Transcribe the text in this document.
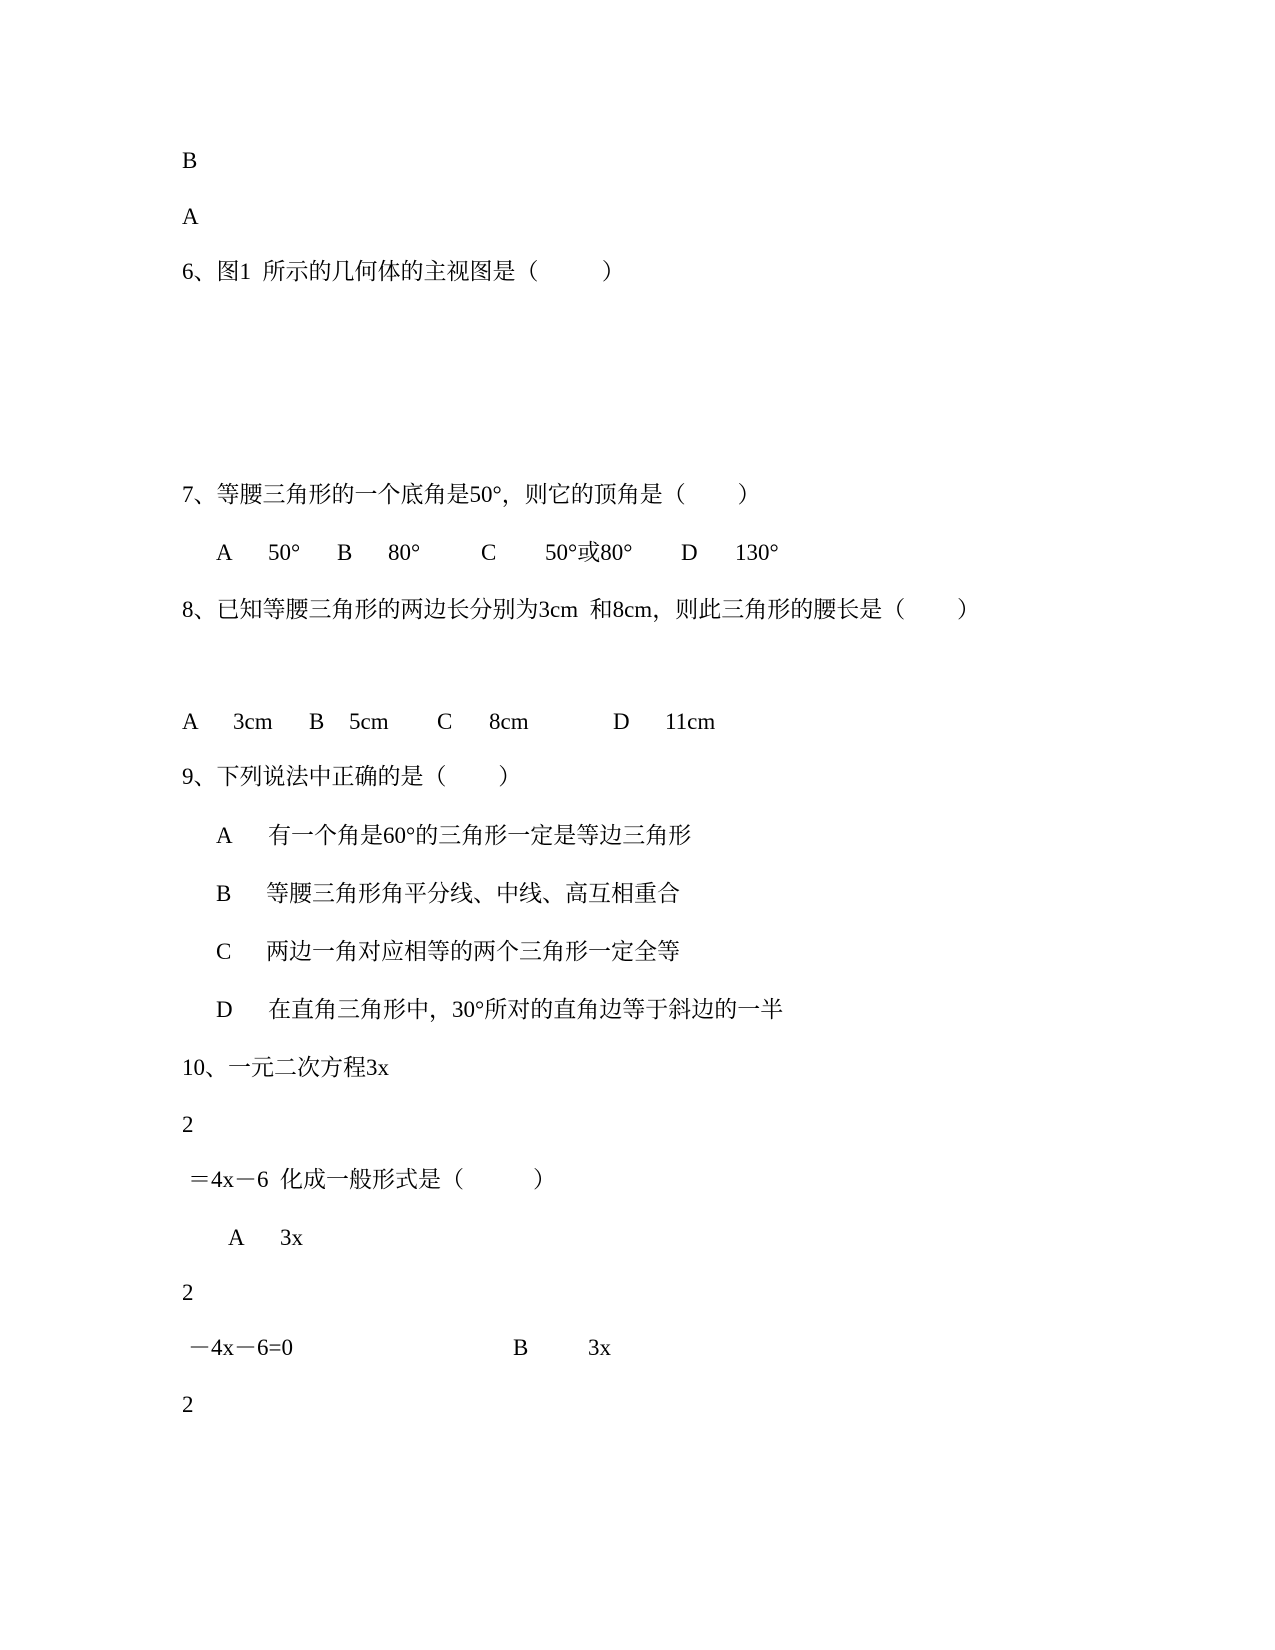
B
A
6、图1  所示的几何体的主视图是（           ）
7、等腰三角形的一个底角是50°，则它的顶角是（         ）

A

50°

B

80°

	C

50°或80°

D

130°

8、已知等腰三角形的两边长分别为3cm  和8cm，则此三角形的腰长是（         ）

A

3cm

B

5cm

C

8cm

	D

11cm

9、下列说法中正确的是（         ）

A

有一个角是60°的三角形一定是等边三角形

B

等腰三角形角平分线、中线、高互相重合

C

两边一角对应相等的两个三角形一定全等

D

在直角三角形中，30°所对的直角边等于斜边的一半

10、一元二次方程3x
2
＝4x－6  化成一般形式是（            ）

A

3x

2

－4x－6=0

	B

	3x

2
